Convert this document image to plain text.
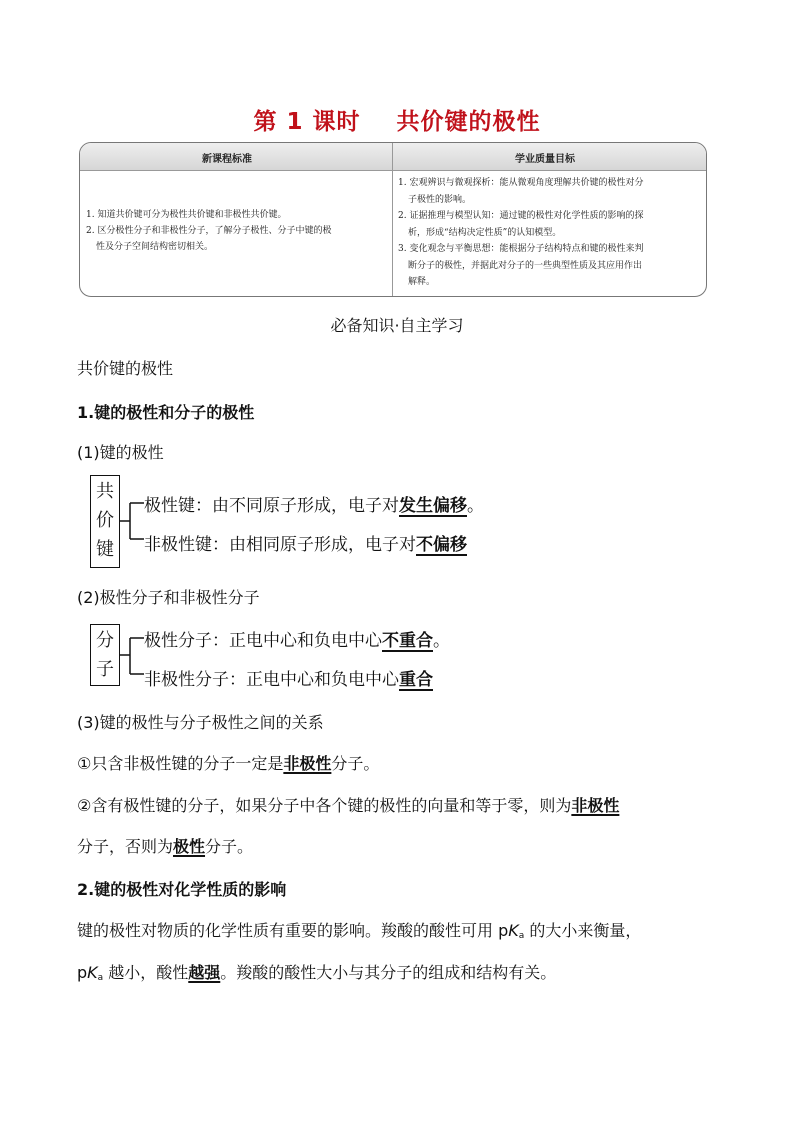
第 1 课时    共价键的极性
新课程标准	学业质量目标

1. 知道共价键可分为极性共价键和非极性共价键。

2. 区分极性分子和非极性分子，了解分子极性、分子中键的极

性及分子空间结构密切相关。

1. 宏观辨识与微观探析：能从微观角度理解共价键的极性对分

子极性的影响。

2. 证据推理与模型认知：通过键的极性对化学性质的影响的探

析，形成“结构决定性质”的认知模型。

3. 变化观念与平衡思想：能根据分子结构特点和键的极性来判

断分子的极性，并据此对分子的一些典型性质及其应用作出

解释。

必备知识·自主学习
共价键的极性
1.键的极性和分子的极性
(1)键的极性
共
价
键
极性键：由不同原子形成，电子对发生偏移。
非极性键：由相同原子形成，电子对不偏移
(2)极性分子和非极性分子
分
子
极性分子：正电中心和负电中心不重合。
非极性分子：正电中心和负电中心重合
(3)键的极性与分子极性之间的关系
①只含非极性键的分子一定是非极性分子。
②含有极性键的分子，如果分子中各个键的极性的向量和等于零，则为非极性
分子，否则为极性分子。
2.键的极性对化学性质的影响
键的极性对物质的化学性质有重要的影响。羧酸的酸性可用 $pK_a$ 的大小来衡量，
$pK_a$ 越小，酸性越强。羧酸的酸性大小与其分子的组成和结构有关。
